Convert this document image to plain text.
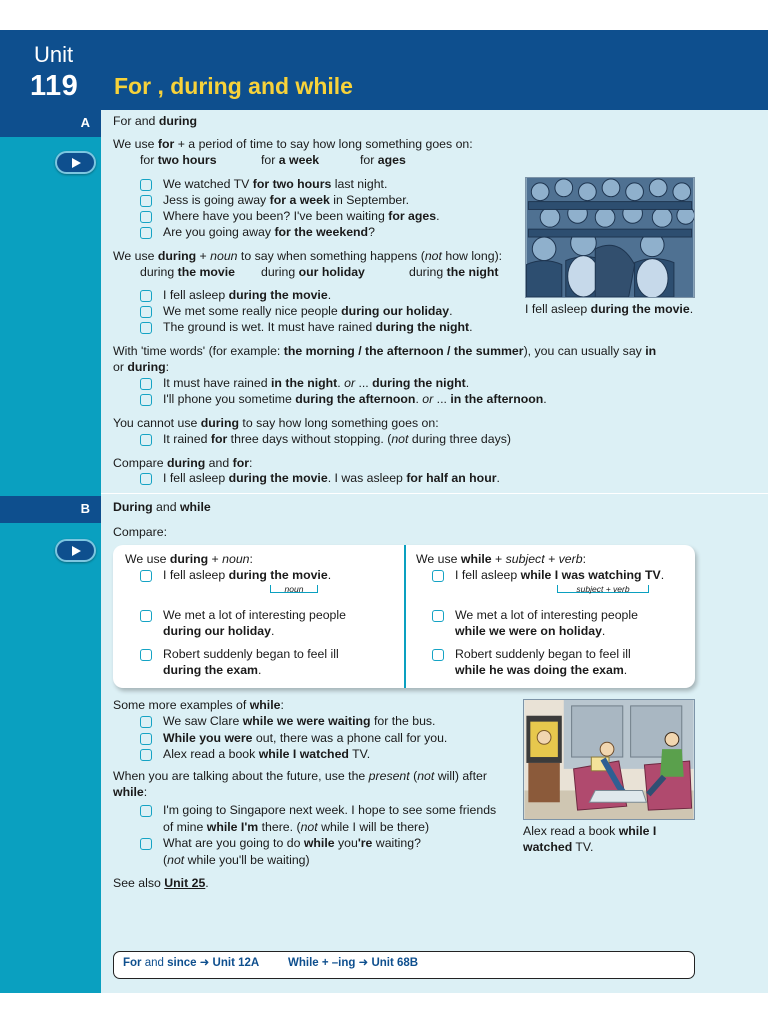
Unit
119 For , during and while
A	For and during
We use for + a period of time to say how long something goes on:
for two hours	for a week	for ages
We watched TV for two hours last night.
Jess is going away for a week in September.
Where have you been? I've been waiting for ages.
Are you going away for the weekend?
We use during + noun to say when something happens (not how long):
during the movie during our holiday	during the night
I fell asleep during the movie.
We met some really nice people during our holiday.
The ground is wet. It must have rained during the night.
I fell asleep during the movie.
With 'time words' (for example: the morning / the afternoon / the summer), you can usually say in
or during:
It must have rained in the night. or ... during the night.
I'll phone you sometime during the afternoon. or ... in the afternoon.
You cannot use during to say how long something goes on:
It rained for three days without stopping. (not during three days)
Compare during and for:
I fell asleep during the movie. I was asleep for half an hour.
B	During and while
Compare:
We use during + noun:
I fell asleep during the movie.
noun
We met a lot of interesting people
during our holiday.
Robert suddenly began to feel ill
during the exam.
We use while + subject + verb:
I fell asleep while I was watching TV.
subject + verb
We met a lot of interesting people
while we were on holiday.
Robert suddenly began to feel ill
while he was doing the exam.
Some more examples of while:
We saw Clare while we were waiting for the bus.
While you were out, there was a phone call for you.
Alex read a book while I watched TV.
When you are talking about the future, use the present (not will) after
while:
I'm going to Singapore next week. I hope to see some friends
of mine while I'm there. (not while I will be there)
What are you going to do while you're waiting?
(not while you'll be waiting)
See also Unit 25.
Alex read a book while I
watched TV.
For and since ➜ Unit 12A	While + –ing ➜ Unit 68B
